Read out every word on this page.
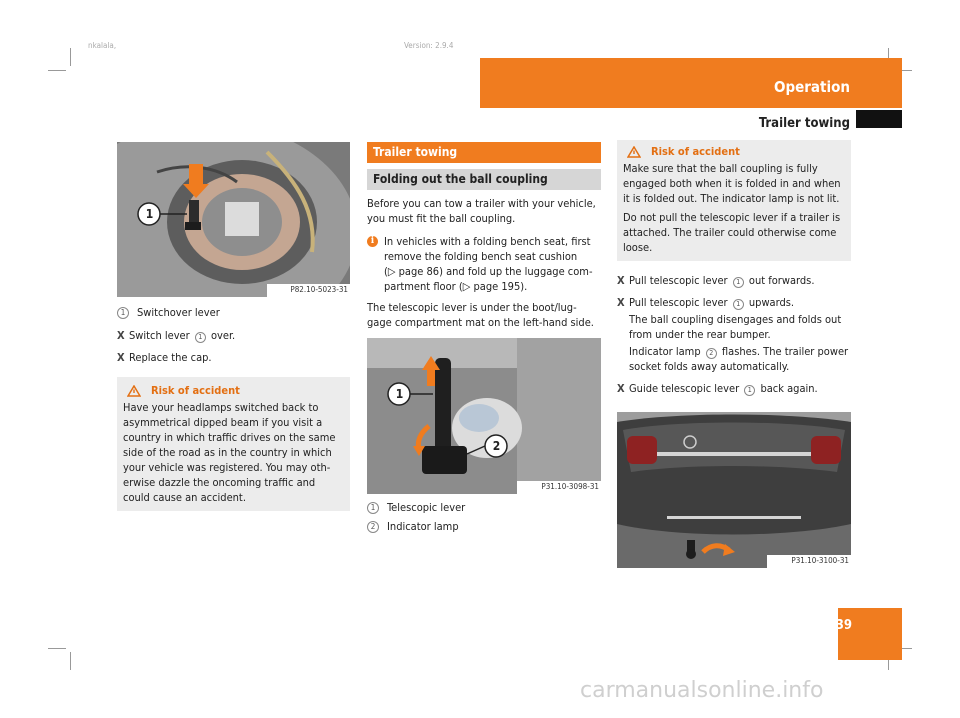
nkalala,	Version: 2.9.4
Operation
Trailer towing
239
1
P82.10-5023-31
1	Switchover lever
X Switch lever 1 over.
X Replace the cap.
Risk of accident

Have your headlamps switched back to asymmetrical dipped beam if you visit a country in which traffic drives on the same side of the road as in the country in which your vehicle was registered. You may oth-erwise dazzle the oncoming traffic and could cause an accident.

Trailer towing
Folding out the ball coupling

Before you can tow a trailer with your vehicle, you must fit the ball coupling.

i In vehicles with a folding bench seat, first remove the folding bench seat cushion

(▷ page 86) and fold up the luggage com-partment floor (▷ page 195).

The telescopic lever is under the boot/lug-gage compartment mat on the left-hand side.

1
2
P31.10-3098-31
1	Telescopic lever
2	Indicator lamp
Risk of accident

Make sure that the ball coupling is fully engaged both when it is folded in and when it is folded out. The indicator lamp is not lit.

Do not pull the telescopic lever if a trailer is attached. The trailer could otherwise come loose.

X Pull telescopic lever 1 out forwards.
X Pull telescopic lever 1 upwards.

The ball coupling disengages and folds out from under the rear bumper.

Indicator lamp 2 flashes. The trailer power socket folds away automatically.

X Guide telescopic lever 1 back again.
P31.10-3100-31
carmanualsonline.info
